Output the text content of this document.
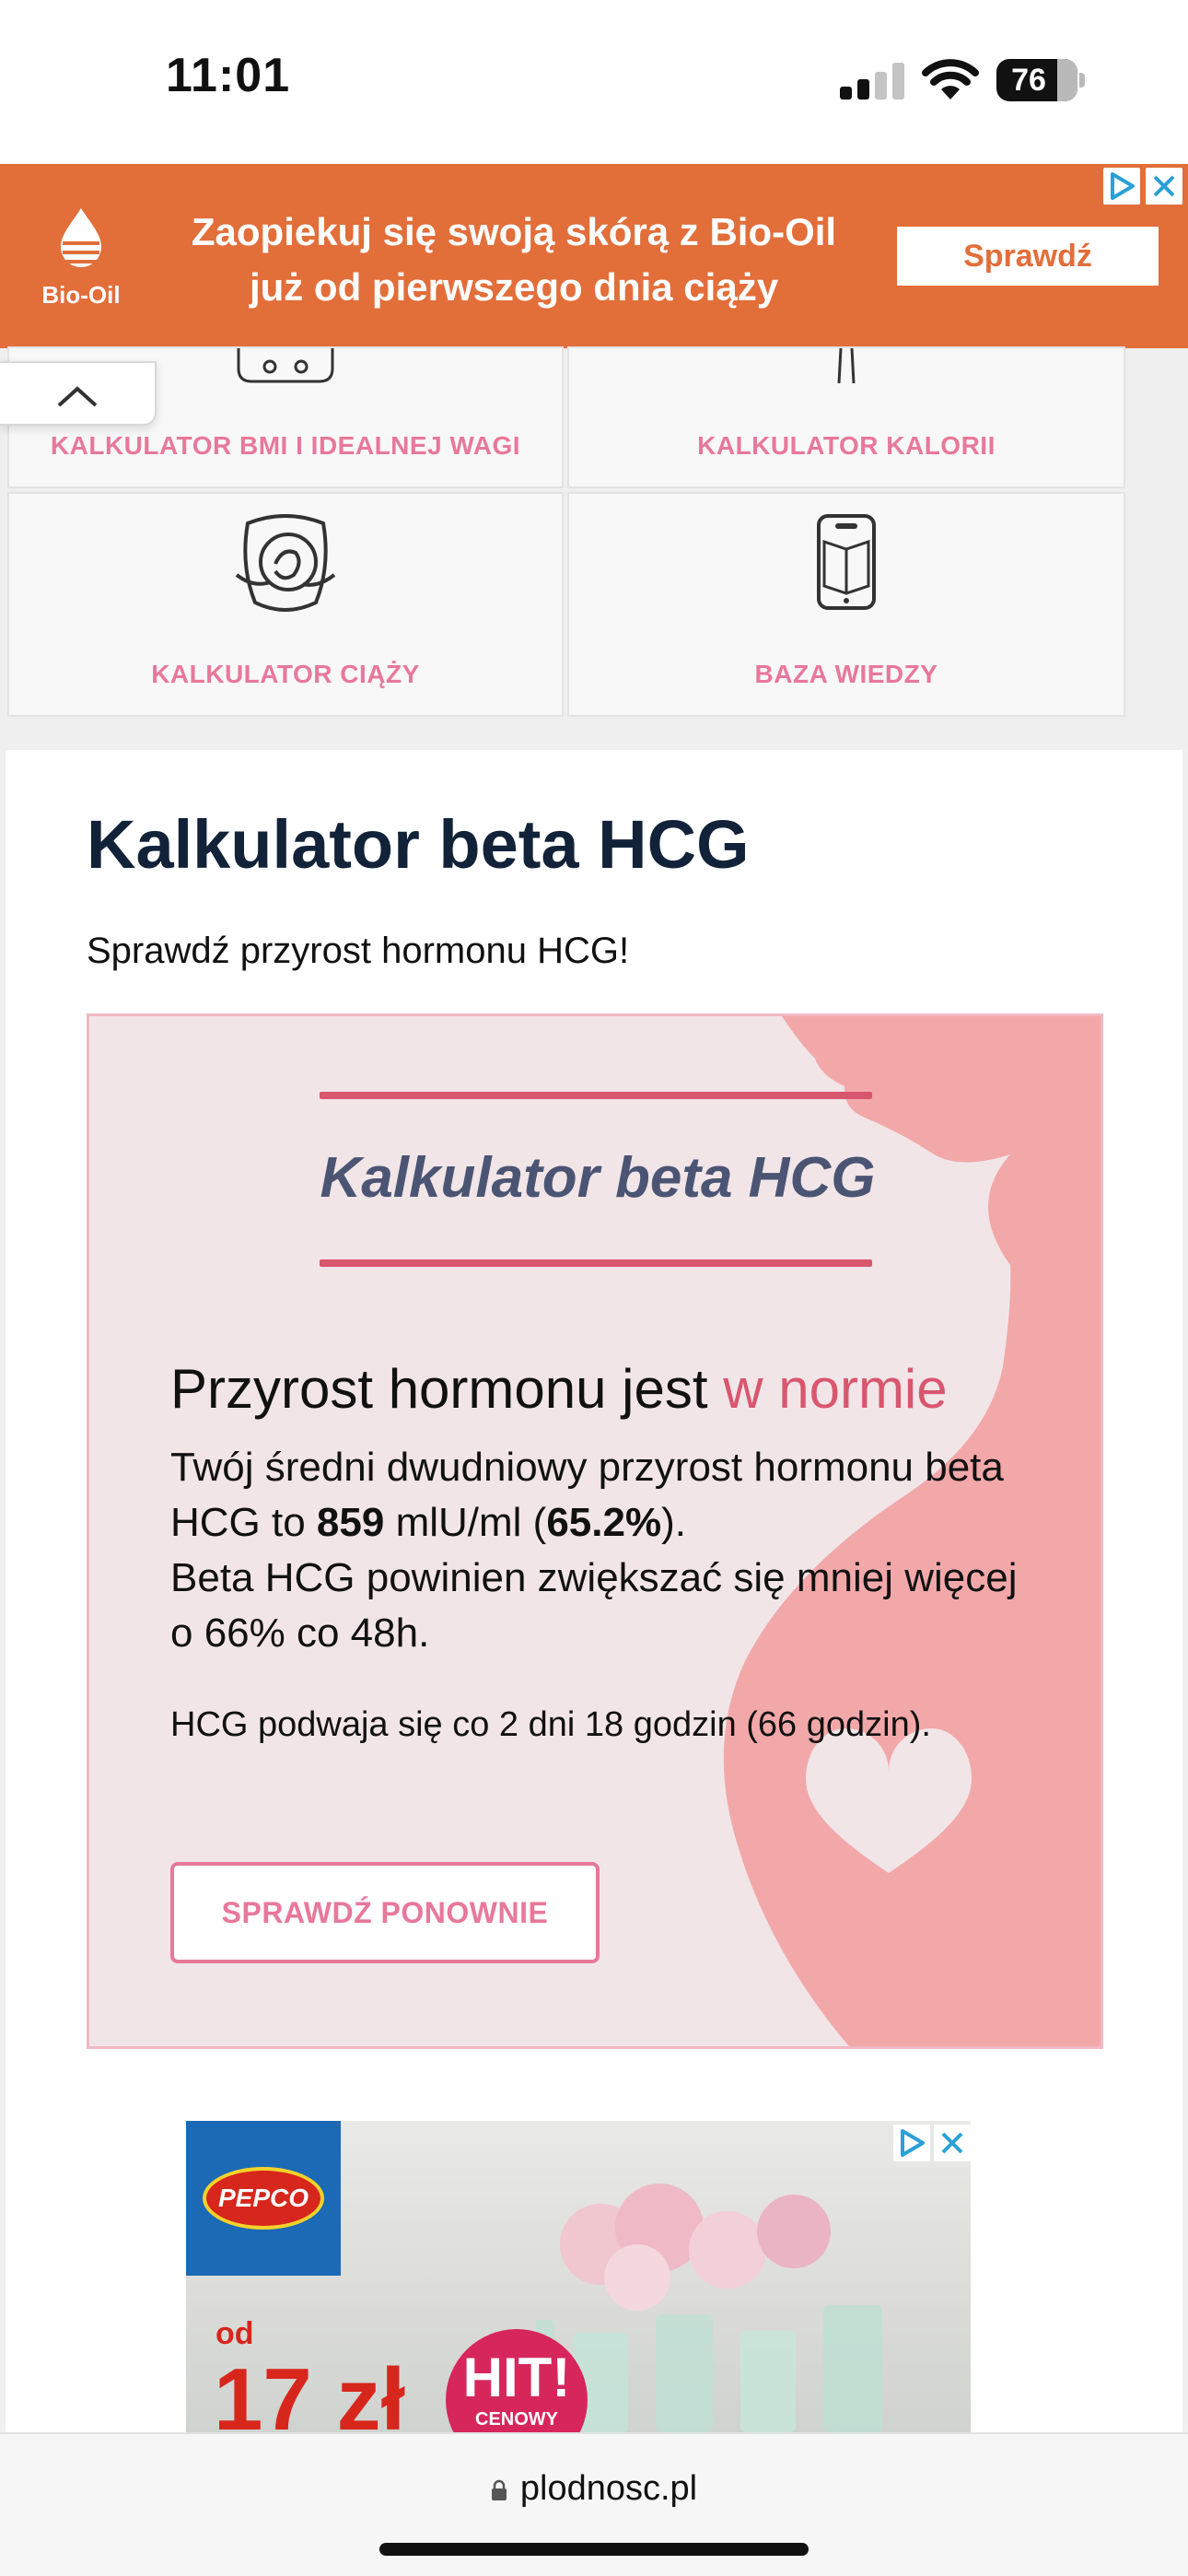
11:01	76
Bio-Oil
Zaopiekuj się swoją skórą z Bio-Oil
już od pierwszego dnia ciąży
Sprawdź
KALKULATOR BMI I IDEALNEJ WAGI	KALKULATOR KALORII
KALKULATOR CIĄŻY	BAZA WIEDZY
Kalkulator beta HCG

Sprawdź przyrost hormonu HCG!

Kalkulator beta HCG
Przyrost hormonu jest w normie
Twój średni dwudniowy przyrost hormonu beta HCG to 859 mlU/ml (65.2%).
Beta HCG powinien zwiększać się mniej więcej o 66% co 48h.
HCG podwaja się co 2 dni 18 godzin (66 godzin).
SPRAWDŹ PONOWNIE
PEPCO
od
17 zł	HIT!
CENOWY
plodnosc.pl
